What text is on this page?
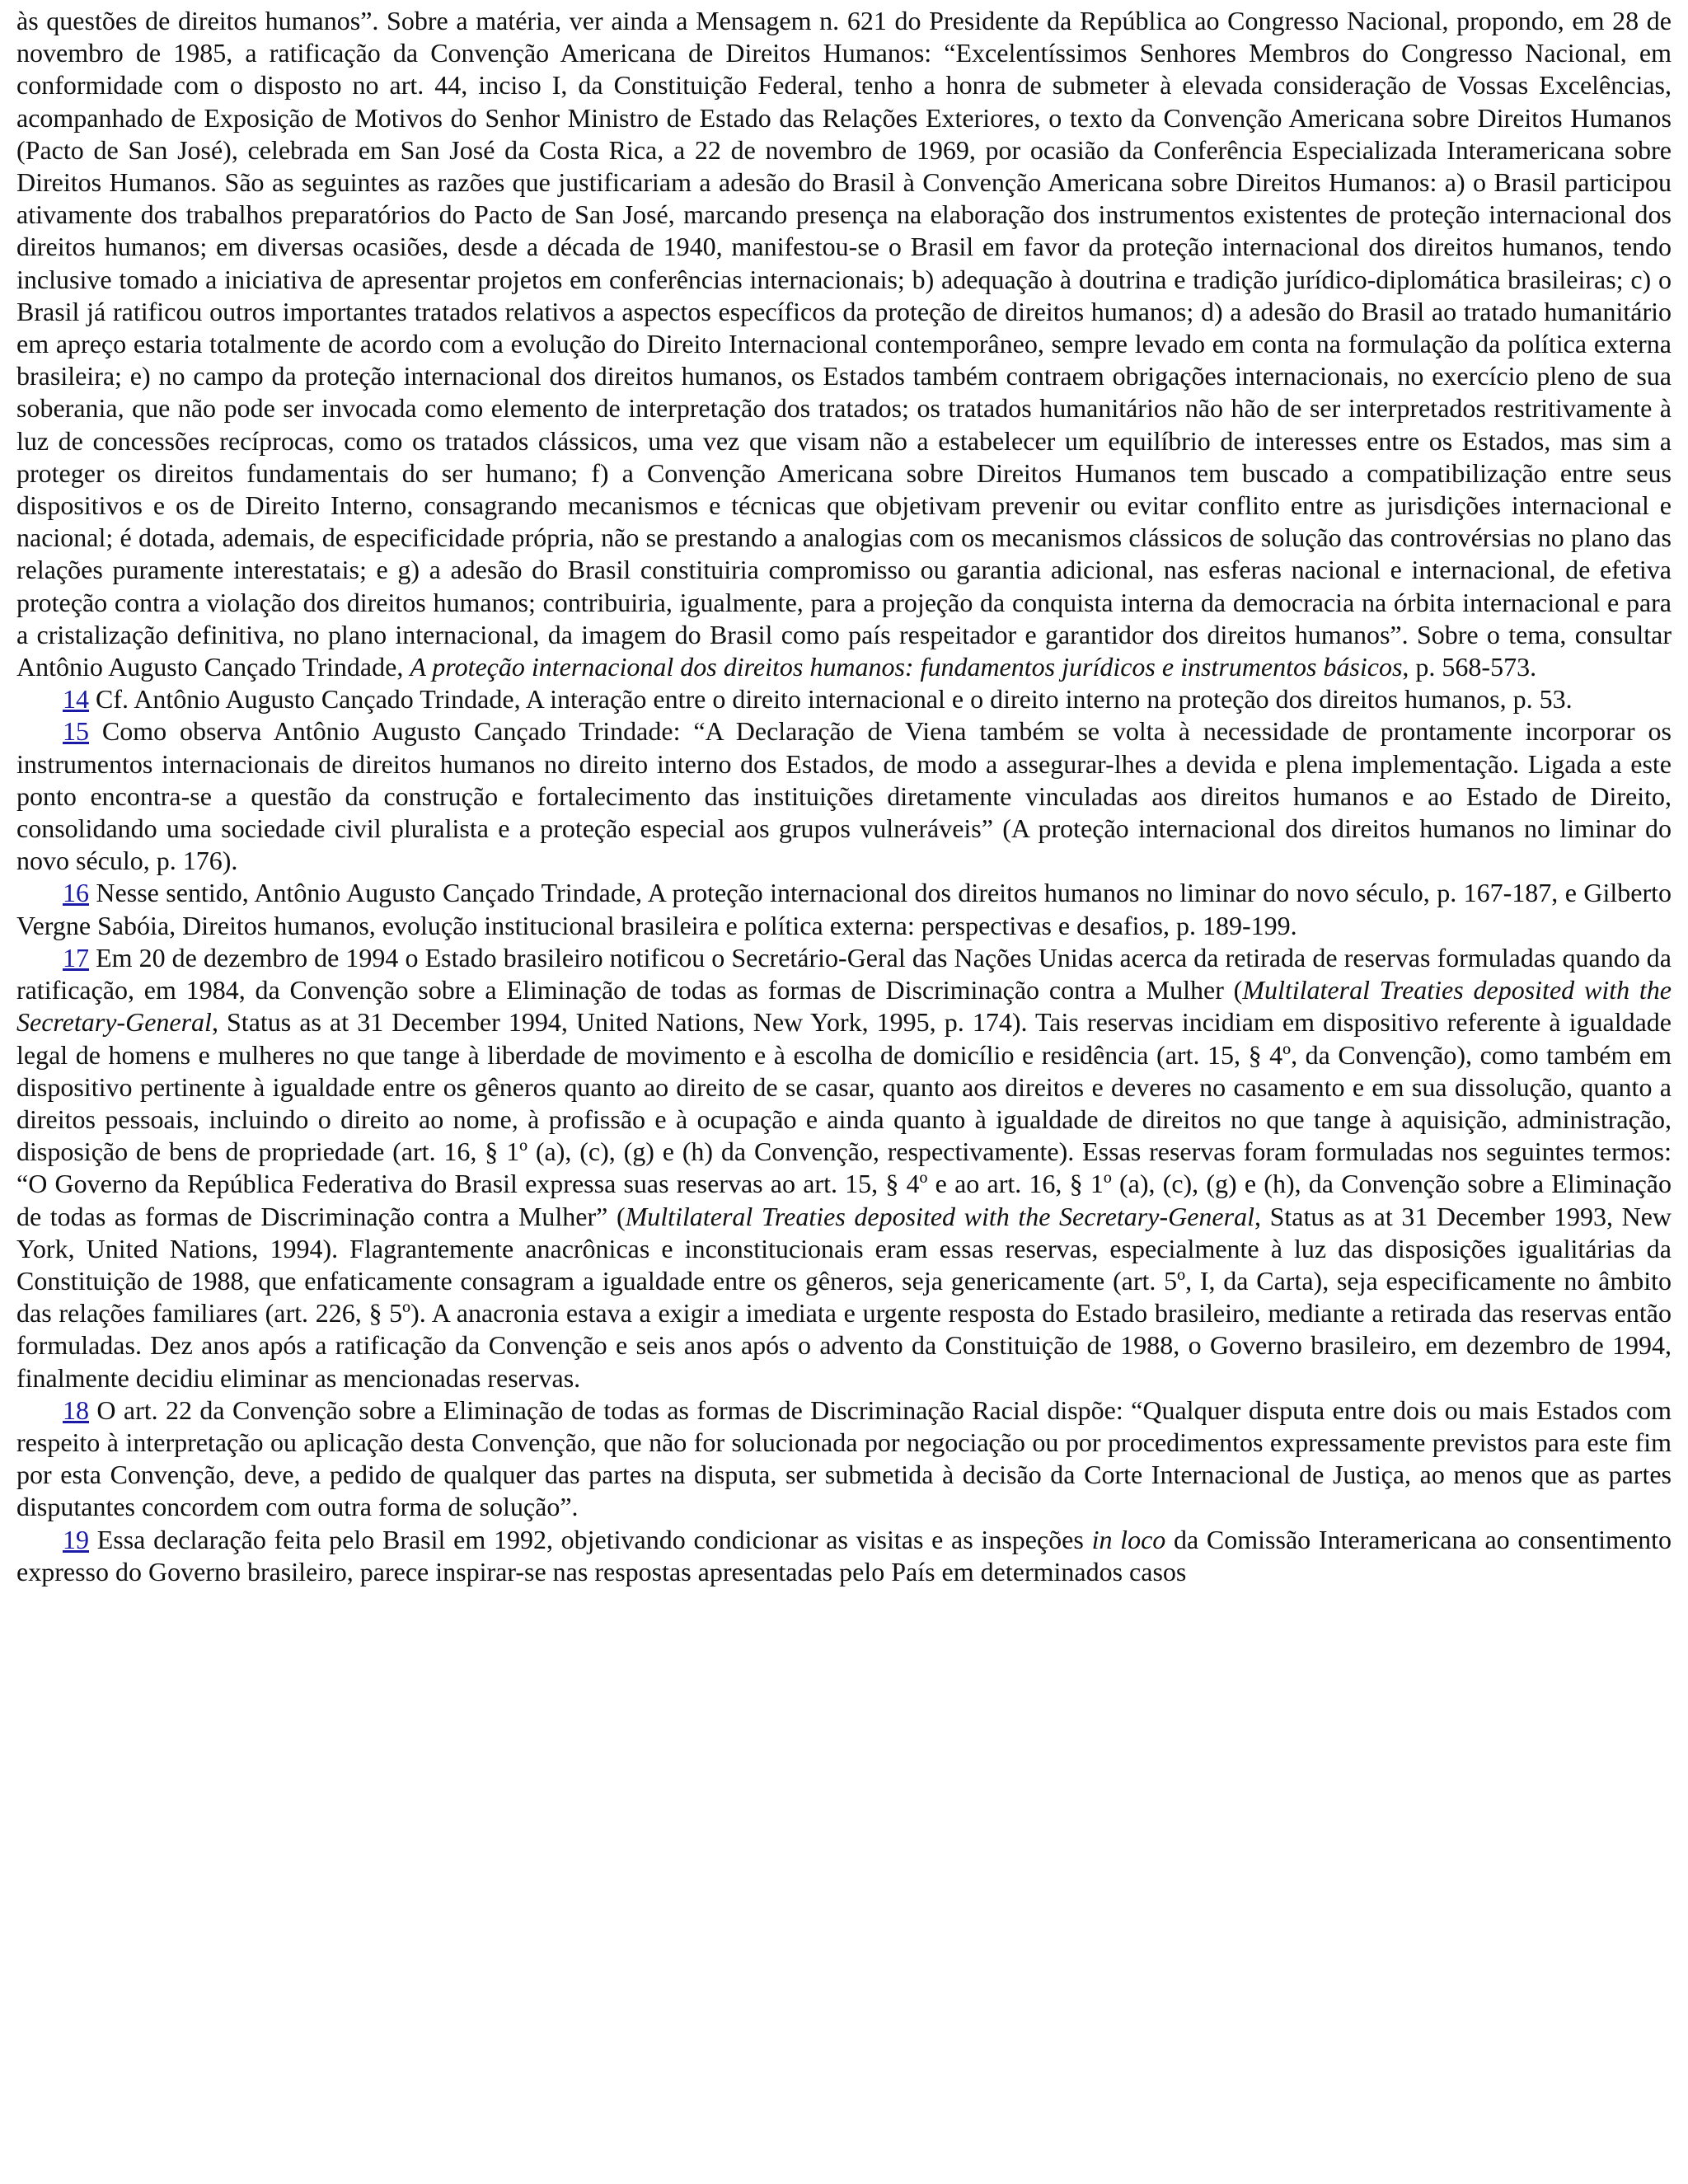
às questões de direitos humanos”. Sobre a matéria, ver ainda a Mensagem n. 621 do Presidente da República ao Congresso Nacional, propondo, em 28 de novembro de 1985, a ratificação da Convenção Americana de Direitos Humanos: “Excelentíssimos Senhores Membros do Congresso Nacional, em conformidade com o disposto no art. 44, inciso I, da Constituição Federal, tenho a honra de submeter à elevada consideração de Vossas Excelências, acompanhado de Exposição de Motivos do Senhor Ministro de Estado das Relações Exteriores, o texto da Convenção Americana sobre Direitos Humanos (Pacto de San José), celebrada em San José da Costa Rica, a 22 de novembro de 1969, por ocasião da Conferência Especializada Interamericana sobre Direitos Humanos. São as seguintes as razões que justificariam a adesão do Brasil à Convenção Americana sobre Direitos Humanos: a) o Brasil participou ativamente dos trabalhos preparatórios do Pacto de San José, marcando presença na elaboração dos instrumentos existentes de proteção internacional dos direitos humanos; em diversas ocasiões, desde a década de 1940, manifestou-se o Brasil em favor da proteção internacional dos direitos humanos, tendo inclusive tomado a iniciativa de apresentar projetos em conferências internacionais; b) adequação à doutrina e tradição jurídico-diplomática brasileiras; c) o Brasil já ratificou outros importantes tratados relativos a aspectos específicos da proteção de direitos humanos; d) a adesão do Brasil ao tratado humanitário em apreço estaria totalmente de acordo com a evolução do Direito Internacional contemporâneo, sempre levado em conta na formulação da política externa brasileira; e) no campo da proteção internacional dos direitos humanos, os Estados também contraem obrigações internacionais, no exercício pleno de sua soberania, que não pode ser invocada como elemento de interpretação dos tratados; os tratados humanitários não hão de ser interpretados restritivamente à luz de concessões recíprocas, como os tratados clássicos, uma vez que visam não a estabelecer um equilíbrio de interesses entre os Estados, mas sim a proteger os direitos fundamentais do ser humano; f) a Convenção Americana sobre Direitos Humanos tem buscado a compatibilização entre seus dispositivos e os de Direito Interno, consagrando mecanismos e técnicas que objetivam prevenir ou evitar conflito entre as jurisdições internacional e nacional; é dotada, ademais, de especificidade própria, não se prestando a analogias com os mecanismos clássicos de solução das controvérsias no plano das relações puramente interestatais; e g) a adesão do Brasil constituiria compromisso ou garantia adicional, nas esferas nacional e internacional, de efetiva proteção contra a violação dos direitos humanos; contribuiria, igualmente, para a projeção da conquista interna da democracia na órbita internacional e para a cristalização definitiva, no plano internacional, da imagem do Brasil como país respeitador e garantidor dos direitos humanos”. Sobre o tema, consultar Antônio Augusto Cançado Trindade, A proteção internacional dos direitos humanos: fundamentos jurídicos e instrumentos básicos, p. 568-573.

14 Cf. Antônio Augusto Cançado Trindade, A interação entre o direito internacional e o direito interno na proteção dos direitos humanos, p. 53.

15 Como observa Antônio Augusto Cançado Trindade: “A Declaração de Viena também se volta à necessidade de prontamente incorporar os instrumentos internacionais de direitos humanos no direito interno dos Estados, de modo a assegurar-lhes a devida e plena implementação. Ligada a este ponto encontra-se a questão da construção e fortalecimento das instituições diretamente vinculadas aos direitos humanos e ao Estado de Direito, consolidando uma sociedade civil pluralista e a proteção especial aos grupos vulneráveis” (A proteção internacional dos direitos humanos no liminar do novo século, p. 176).

16 Nesse sentido, Antônio Augusto Cançado Trindade, A proteção internacional dos direitos humanos no liminar do novo século, p. 167-187, e Gilberto Vergne Sabóia, Direitos humanos, evolução institucional brasileira e política externa: perspectivas e desafios, p. 189-199.

17 Em 20 de dezembro de 1994 o Estado brasileiro notificou o Secretário-Geral das Nações Unidas acerca da retirada de reservas formuladas quando da ratificação, em 1984, da Convenção sobre a Eliminação de todas as formas de Discriminação contra a Mulher (Multilateral Treaties deposited with the Secretary-General, Status as at 31 December 1994, United Nations, New York, 1995, p. 174). Tais reservas incidiam em dispositivo referente à igualdade legal de homens e mulheres no que tange à liberdade de movimento e à escolha de domicílio e residência (art. 15, § 4º, da Convenção), como também em dispositivo pertinente à igualdade entre os gêneros quanto ao direito de se casar, quanto aos direitos e deveres no casamento e em sua dissolução, quanto a direitos pessoais, incluindo o direito ao nome, à profissão e à ocupação e ainda quanto à igualdade de direitos no que tange à aquisição, administração, disposição de bens de propriedade (art. 16, § 1º (a), (c), (g) e (h) da Convenção, respectivamente). Essas reservas foram formuladas nos seguintes termos: “O Governo da República Federativa do Brasil expressa suas reservas ao art. 15, § 4º e ao art. 16, § 1º (a), (c), (g) e (h), da Convenção sobre a Eliminação de todas as formas de Discriminação contra a Mulher” (Multilateral Treaties deposited with the Secretary-General, Status as at 31 December 1993, New York, United Nations, 1994). Flagrantemente anacrônicas e inconstitucionais eram essas reservas, especialmente à luz das disposições igualitárias da Constituição de 1988, que enfaticamente consagram a igualdade entre os gêneros, seja genericamente (art. 5º, I, da Carta), seja especificamente no âmbito das relações familiares (art. 226, § 5º). A anacronia estava a exigir a imediata e urgente resposta do Estado brasileiro, mediante a retirada das reservas então formuladas. Dez anos após a ratificação da Convenção e seis anos após o advento da Constituição de 1988, o Governo brasileiro, em dezembro de 1994, finalmente decidiu eliminar as mencionadas reservas.

18 O art. 22 da Convenção sobre a Eliminação de todas as formas de Discriminação Racial dispõe: “Qualquer disputa entre dois ou mais Estados com respeito à interpretação ou aplicação desta Convenção, que não for solucionada por negociação ou por procedimentos expressamente previstos para este fim por esta Convenção, deve, a pedido de qualquer das partes na disputa, ser submetida à decisão da Corte Internacional de Justiça, ao menos que as partes disputantes concordem com outra forma de solução”.

19 Essa declaração feita pelo Brasil em 1992, objetivando condicionar as visitas e as inspeções in loco da Comissão Interamericana ao consentimento expresso do Governo brasileiro, parece inspirar-se nas respostas apresentadas pelo País em determinados casos
